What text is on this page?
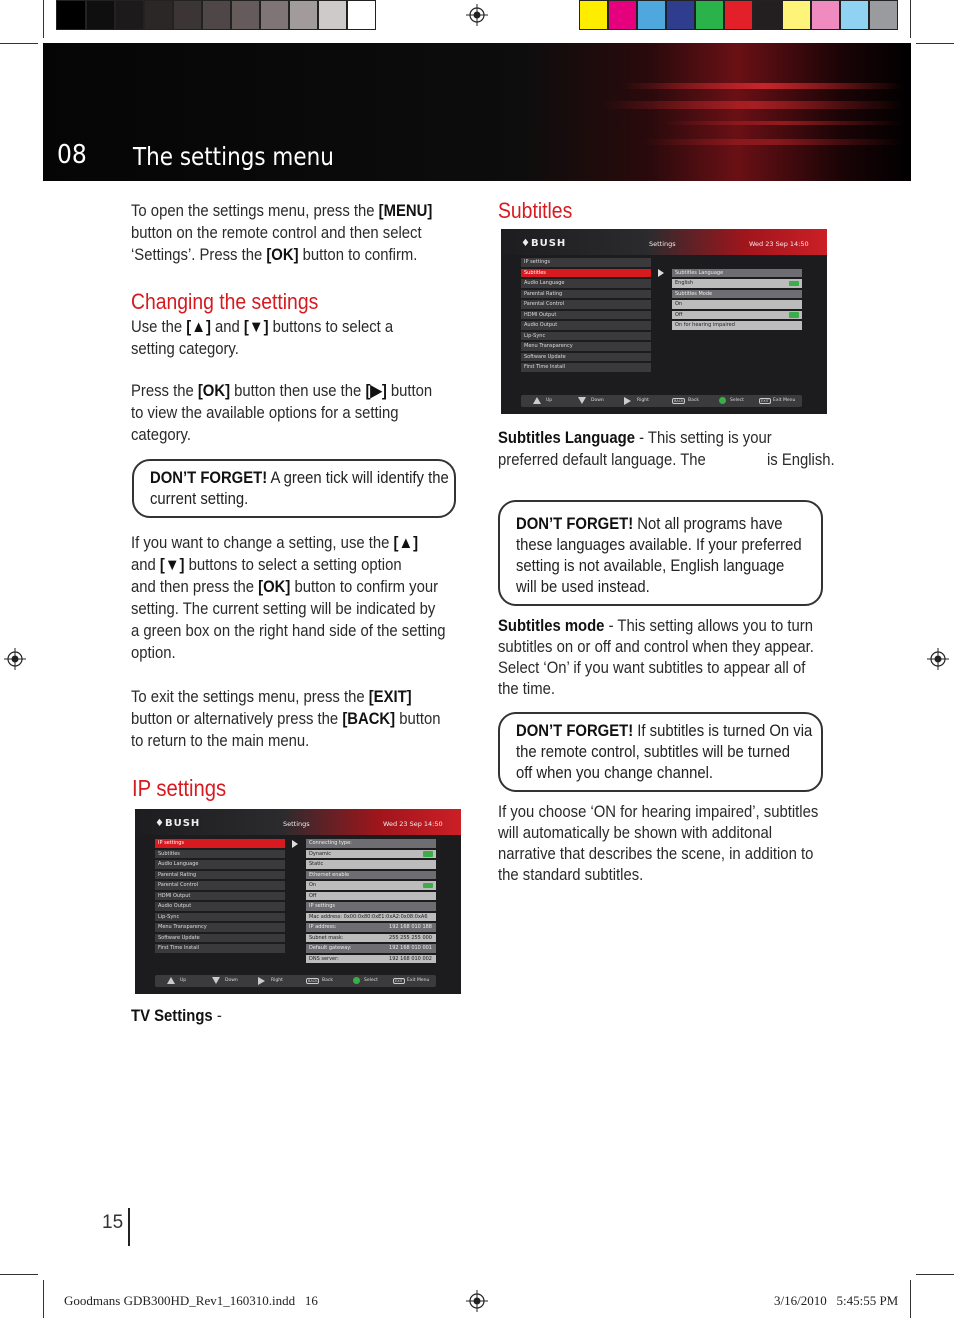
08 The settings menu
To open the settings menu, press the [MENU]
button on the remote control and then select
‘Settings’. Press the [OK] button to confirm.
Changing the settings
Use the [▲] and [▼] buttons to select a
setting category.
Press the [OK] button then use the [▶] button
to view the available options for a setting
category.
DON’T FORGET! A green tick will identify the
current setting.
If you want to change a setting, use the [▲]
and [▼] buttons to select a setting option
and then press the [OK] button to confirm your
setting. The current setting will be indicated by
a green box on the right hand side of the setting
option.
To exit the settings menu, press the [EXIT]
button or alternatively press the [BACK] button
to return to the main menu.
IP settings
♦BUSH	Settings	Wed 23 Sep 14:50
IP settings
Subtitles
Audio Language
Parental Rating
Parental Control
HDMI Output
Audio Output
Lip-Sync
Menu Transparency
Software Update
First Time Install
Connecting type:
Dynamic
Static
Ethernet enable
On
Off
IP settings
Mac address: 0x00:0x80:0xE1:0xA2:0x08:0xA6
IP address:	192 168 010 188
Subnet mask:	255 255 255 000
Default gateway:	192 168 010 001
DNS server:	192 168 010 002
Up	Down	Right	BACK	Back	Select	EXIT Exit Menu
TV Settings -
Subtitles
♦BUSH	Settings	Wed 23 Sep 14:50
IP settings
Subtitles
Audio Language
Parental Rating
Parental Control
HDMI Output
Audio Output
Lip-Sync
Menu Transparency
Software Update
First Time Install
Subtitles Language
English
Subtitles Mode
On
Off
On for hearing impaired
Up	Down	Right	BACK	Back	Select	EXIT Exit Menu
Subtitles Language - This setting is your
preferred default language. The	is English.
DON’T FORGET! Not all programs have
these languages available. If your preferred
setting is not available, English language
will be used instead.
Subtitles mode - This setting allows you to turn
subtitles on or off and control when they appear.
Select ‘On’ if you want subtitles to appear all of
the time.
DON’T FORGET! If subtitles is turned On via
the remote control, subtitles will be turned
off when you change channel.
If you choose ‘ON for hearing impaired’, subtitles
will automatically be shown with additonal
narrative that describes the scene, in addition to
the standard subtitles.
15
Goodmans GDB300HD_Rev1_160310.indd   16	3/16/2010   5:45:55 PM
